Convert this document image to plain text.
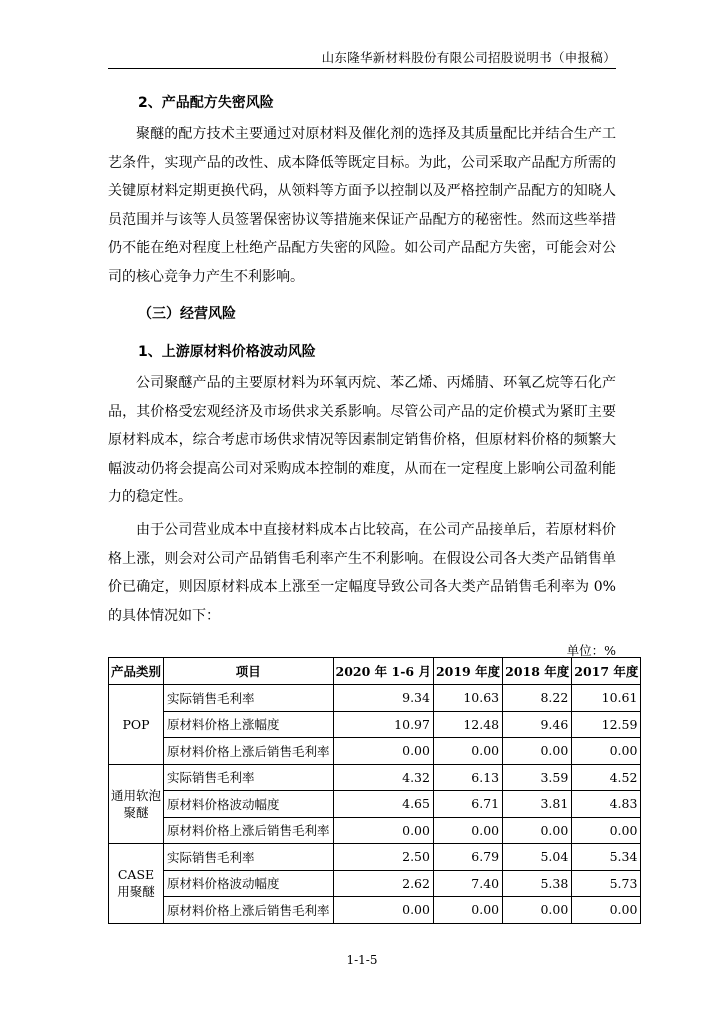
山东隆华新材料股份有限公司招股说明书（申报稿）
2、产品配方失密风险

聚醚的配方技术主要通过对原材料及催化剂的选择及其质量配比并结合生产工艺条件，实现产品的改性、成本降低等既定目标。为此，公司采取产品配方所需的关键原材料定期更换代码，从领料等方面予以控制以及严格控制产品配方的知晓人员范围并与该等人员签署保密协议等措施来保证产品配方的秘密性。然而这些举措仍不能在绝对程度上杜绝产品配方失密的风险。如公司产品配方失密，可能会对公司的核心竞争力产生不利影响。

（三）经营风险
1、上游原材料价格波动风险

公司聚醚产品的主要原材料为环氧丙烷、苯乙烯、丙烯腈、环氧乙烷等石化产品，其价格受宏观经济及市场供求关系影响。尽管公司产品的定价模式为紧盯主要原材料成本，综合考虑市场供求情况等因素制定销售价格，但原材料价格的频繁大幅波动仍将会提高公司对采购成本控制的难度，从而在一定程度上影响公司盈利能力的稳定性。

由于公司营业成本中直接材料成本占比较高，在公司产品接单后，若原材料价格上涨，则会对公司产品销售毛利率产生不利影响。在假设公司各大类产品销售单价已确定，则因原材料成本上涨至一定幅度导致公司各大类产品销售毛利率为 0%的具体情况如下：

单位：%
产品类别	项目	2020 年 1-6 月	2019 年度	2018 年度	2017 年度
POP	实际销售毛利率	9.34	10.63	8.22	10.61
	原材料价格上涨幅度	10.97	12.48	9.46	12.59
	原材料价格上涨后销售毛利率	0.00	0.00	0.00	0.00
通用软泡聚醚	实际销售毛利率	4.32	6.13	3.59	4.52
	原材料价格波动幅度	4.65	6.71	3.81	4.83
	原材料价格上涨后销售毛利率	0.00	0.00	0.00	0.00
CASE 用聚醚	实际销售毛利率	2.50	6.79	5.04	5.34
	原材料价格波动幅度	2.62	7.40	5.38	5.73
	原材料价格上涨后销售毛利率	0.00	0.00	0.00	0.00
1-1-5
